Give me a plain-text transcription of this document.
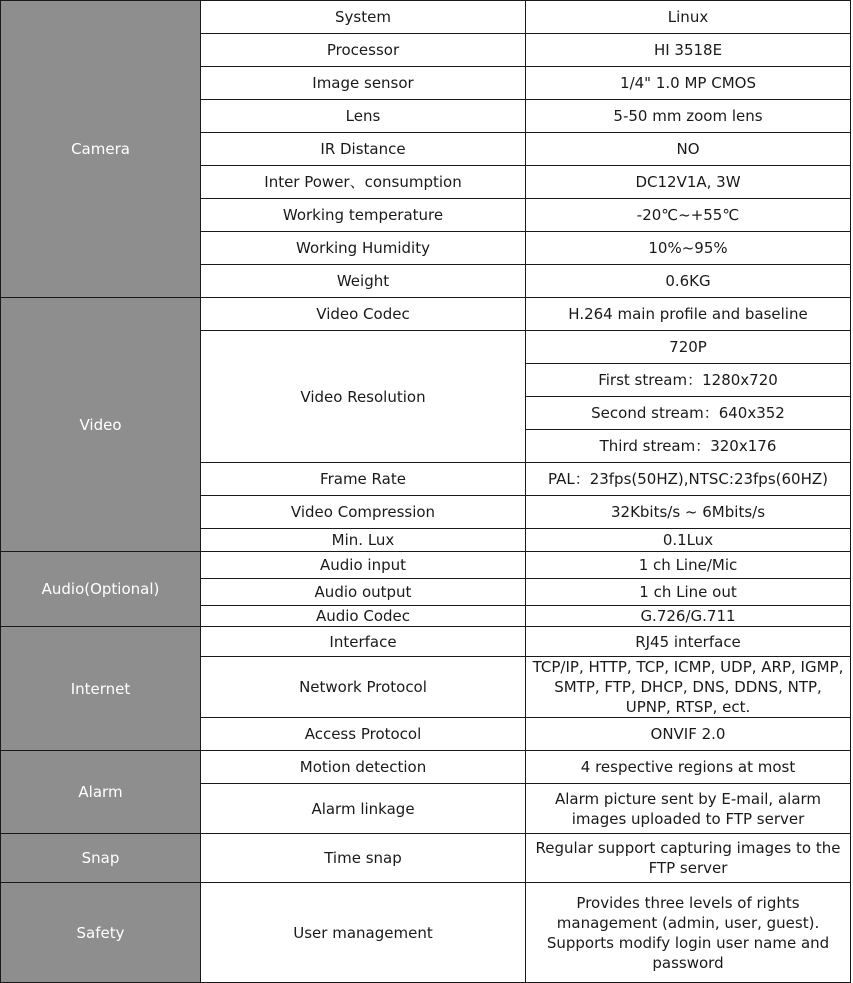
Camera	System	Linux
	Processor	HI 3518E
	Image sensor	1/4" 1.0 MP CMOS
	Lens	5-50 mm zoom lens
	IR Distance	NO
	Inter Power、consumption	DC12V1A, 3W
	Working temperature	-20℃~+55℃
	Working Humidity	10%~95%
	Weight	0.6KG
Video	Video Codec	H.264 main profile and baseline
	Video Resolution	720P
		First stream：1280x720
		Second stream：640x352
		Third stream：320x176
	Frame Rate	PAL：23fps(50HZ),NTSC:23fps(60HZ)
	Video Compression	32Kbits/s ~ 6Mbits/s
	Min. Lux	0.1Lux
Audio(Optional)	Audio input	1 ch Line/Mic
	Audio output	1 ch Line out
	Audio Codec	G.726/G.711
Internet	Interface	RJ45 interface
	Network Protocol	TCP/IP, HTTP, TCP, ICMP, UDP, ARP, IGMP, SMTP, FTP, DHCP, DNS, DDNS, NTP, UPNP, RTSP, ect.
	Access Protocol	ONVIF 2.0
Alarm	Motion detection	4 respective regions at most
	Alarm linkage	Alarm picture sent by E-mail, alarm images uploaded to FTP server
Snap	Time snap	Regular support capturing images to the FTP server
Safety	User management	Provides three levels of rights management (admin, user, guest). Supports modify login user name and password
